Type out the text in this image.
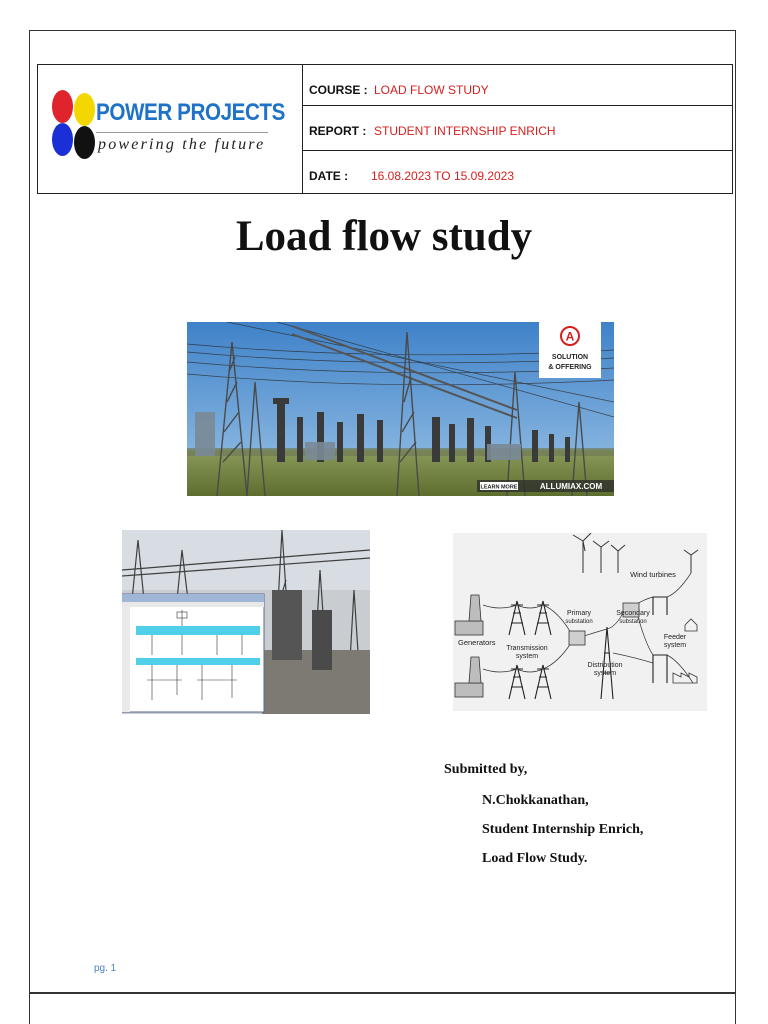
POWER PROJECTS
powering the future
COURSE : LOAD FLOW STUDY
REPORT : STUDENT INTERNSHIP ENRICH
DATE : 16.08.2023 TO 15.09.2023
Load flow study
A
SOLUTION
& OFFERING
LEARN MORE	ALLUMIAX.COM
Wind turbines
Generators
Primary
substation
Secondary
substation
Transmission
system
Distribution
system
Feeder
system
Submitted by,
N.Chokkanathan,
Student Internship Enrich,
Load Flow Study.
pg. 1
